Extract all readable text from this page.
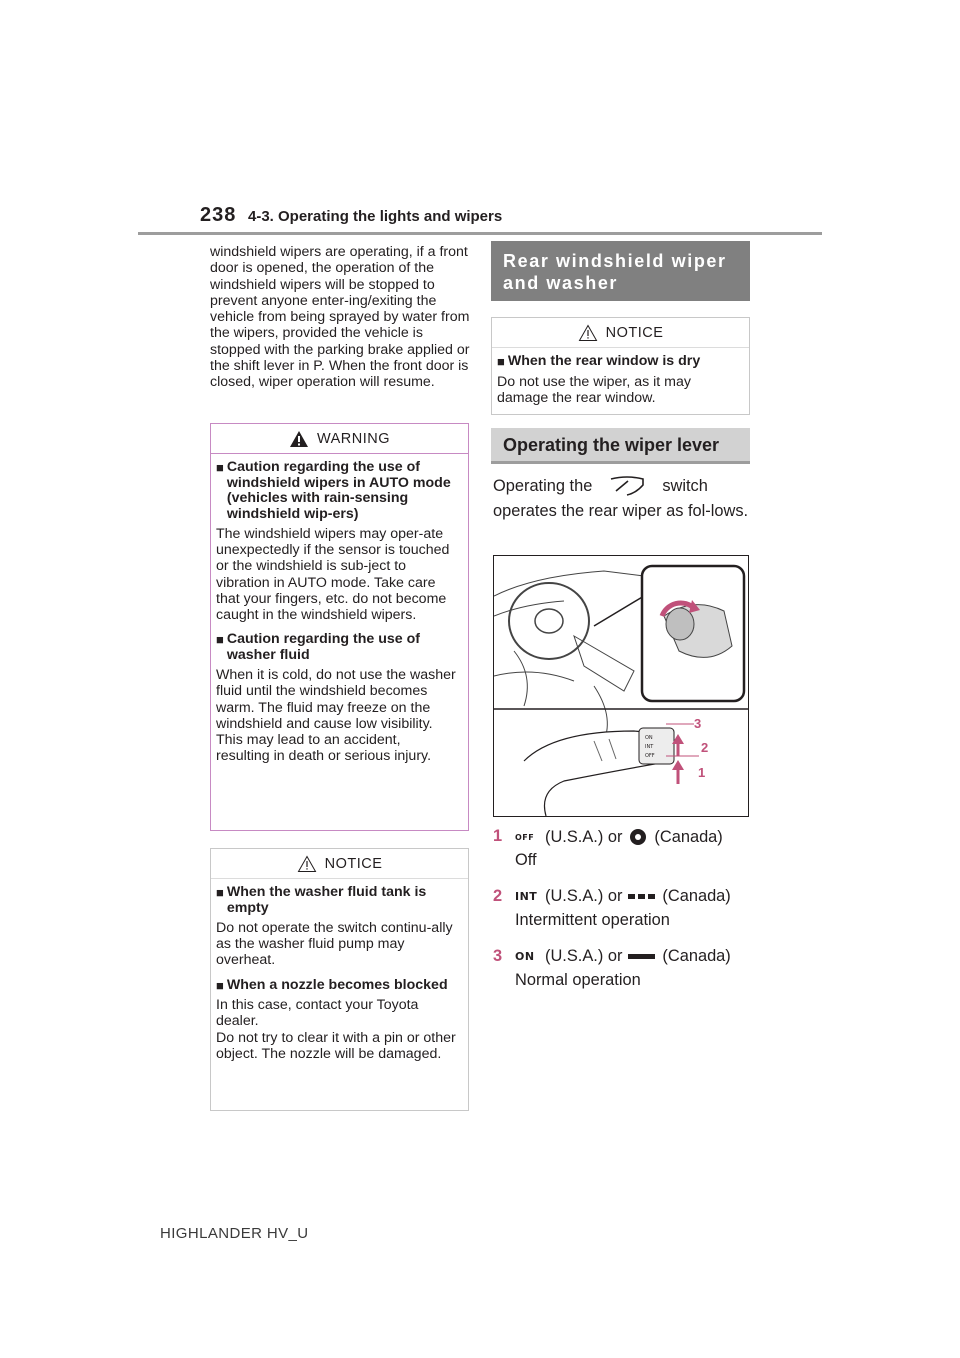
238 4-3. Operating the lights and wipers

windshield wipers are operating, if a front door is opened, the operation of the windshield wipers will be stopped to prevent anyone enter-ing/exiting the vehicle from being sprayed by water from the wipers, provided the vehicle is stopped with the parking brake applied or the shift lever in P. When the front door is closed, wiper operation will resume.

WARNING
■ Caution regarding the use of windshield wipers in AUTO mode (vehicles with rain-sensing windshield wip-ers)

The windshield wipers may oper-ate unexpectedly if the sensor is touched or the windshield is sub-ject to vibration in AUTO mode. Take care that your fingers, etc. do not become caught in the windshield wipers.

■ Caution regarding the use of washer fluid

When it is cold, do not use the washer fluid until the windshield becomes warm. The fluid may freeze on the windshield and cause low visibility. This may lead to an accident, resulting in death or serious injury.

NOTICE
■ When the washer fluid tank is empty

Do not operate the switch continu-ally as the washer fluid pump may overheat.

■ When a nozzle becomes blocked

In this case, contact your Toyota dealer.
Do not try to clear it with a pin or other object. The nozzle will be damaged.

Rear windshield wiper and washer
NOTICE
■ When the rear window is dry

Do not use the wiper, as it may damage the rear window.

Operating the wiper lever
Operating the	switch
operates the rear wiper as fol-lows.
ON
INT
OFF
3
2
1
1 OFF (U.S.A.) or (Canada)
Off
2 INT (U.S.A.) or (Canada)
Intermittent operation
3 ON (U.S.A.) or (Canada)
Normal operation
HIGHLANDER HV_U
